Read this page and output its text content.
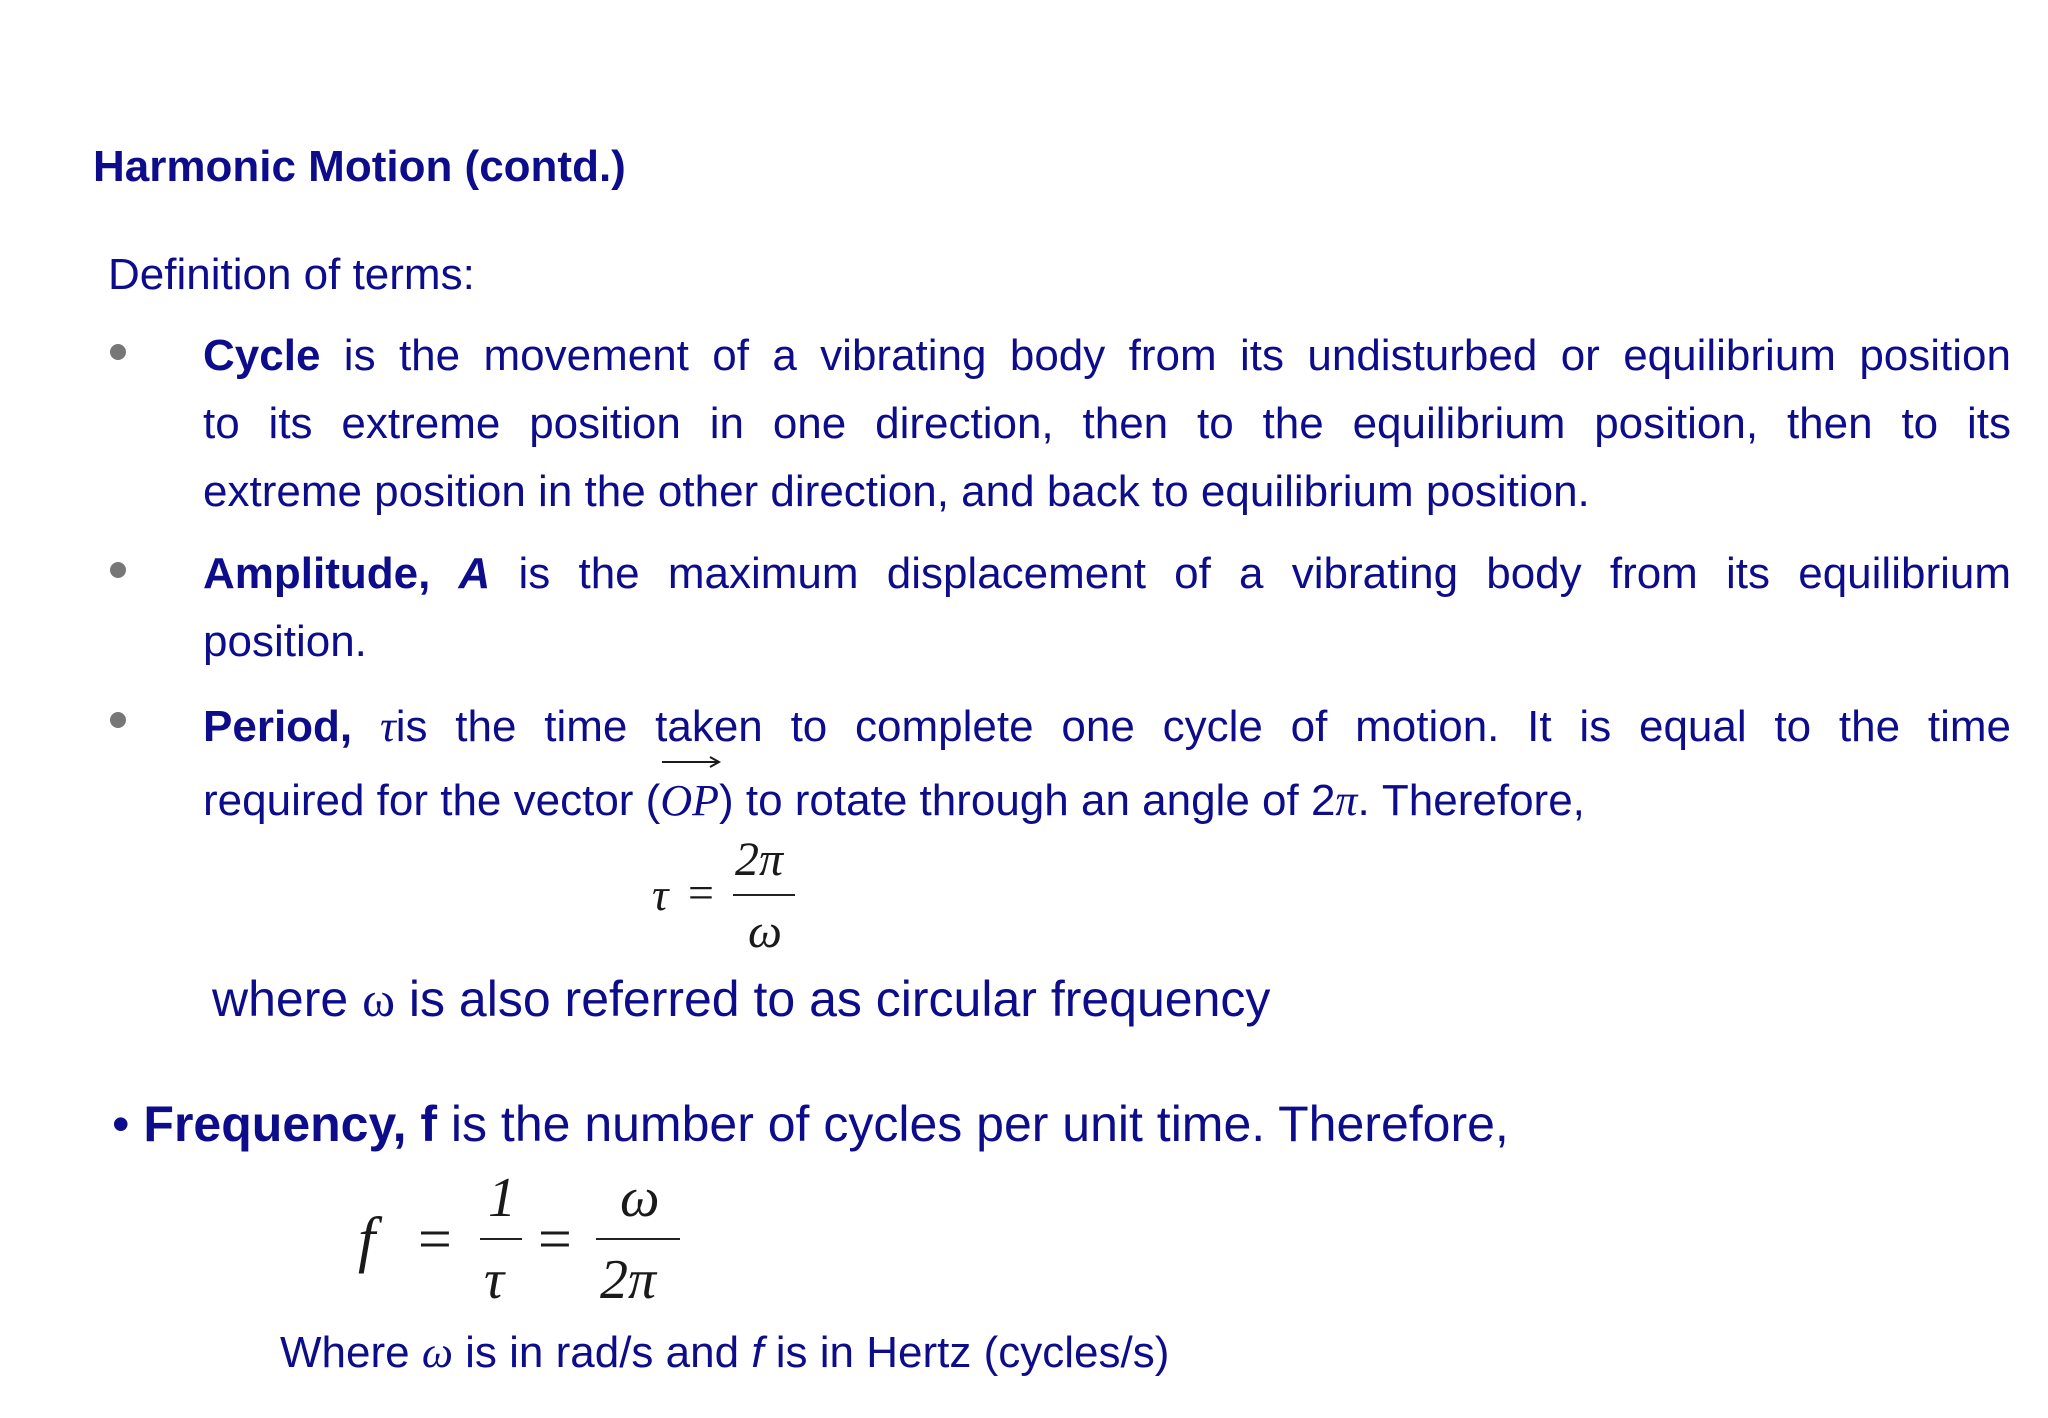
Harmonic Motion (contd.)
Definition of terms:
Cycle is the movement of a vibrating body from its undisturbed or equilibrium position
to its extreme position in one direction, then to the equilibrium position, then to its
extreme position in the other direction, and back to equilibrium position.
Amplitude, A is the maximum displacement of a vibrating body from its equilibrium
position.
Period, τis the time taken to complete one cycle of motion. It is equal to the time
required for the vector (
OP) to rotate through an angle of 2π. Therefore,
τ =
2π
ω
where ω is also referred to as circular frequency
• Frequency, f is the number of cycles per unit time. Therefore,
f =
1
τ
=
ω
2π
Where ω is in rad/s and f is in Hertz (cycles/s)
